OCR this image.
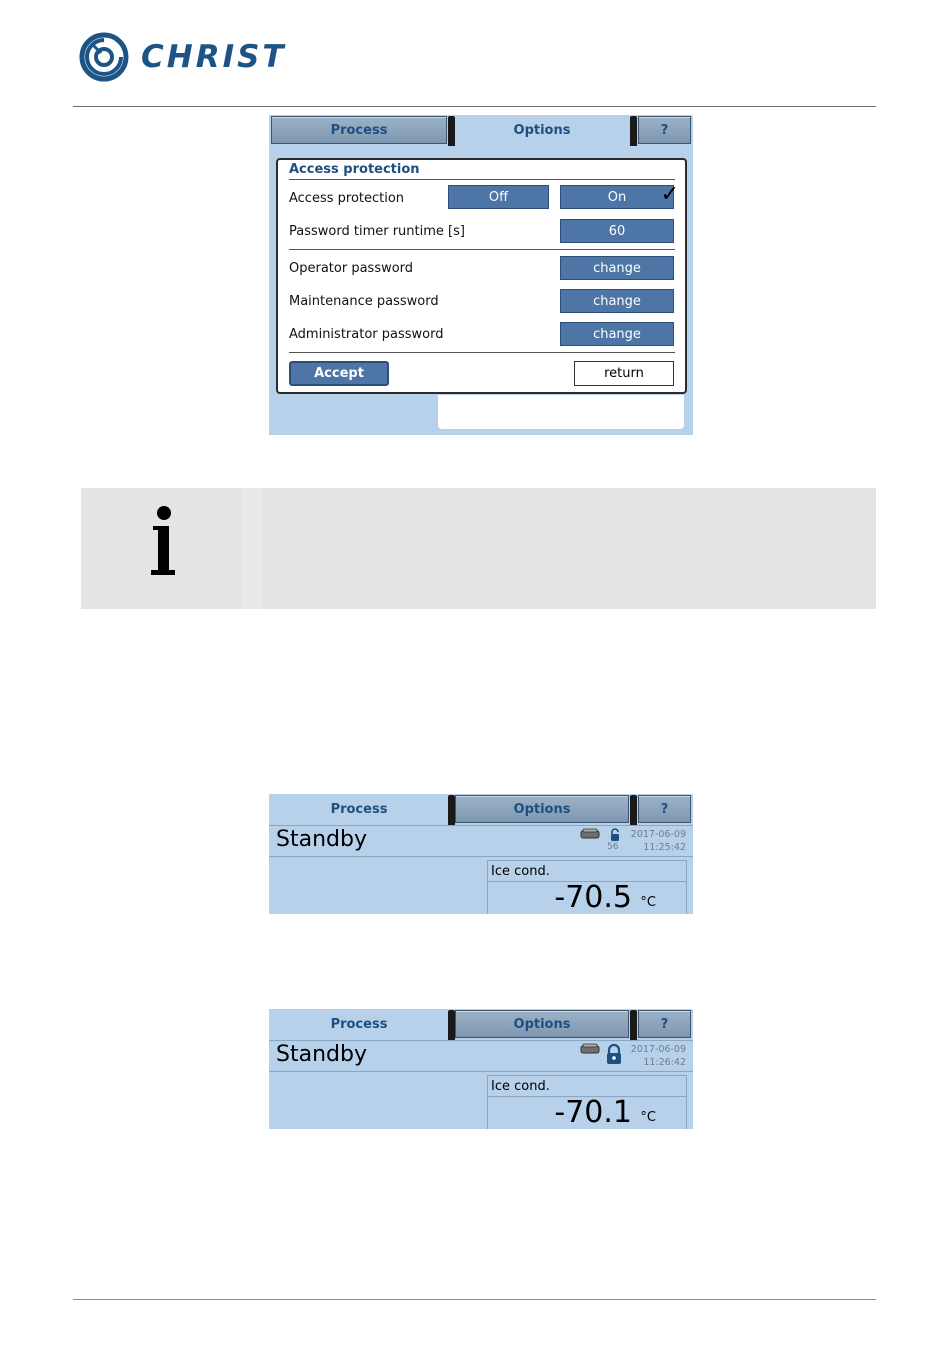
CHRIST
Process	Options	?
Access protection
Access protection	Off	On ✓
Password timer runtime [s]	60
Operator password	change
Maintenance password	change
Administrator password	change
Accept	return
Process	Options	?
Standby	56
2017-06-09
11:25:42
Ice cond.
-70.5 °C
Process	Options	?
Standby	2017-06-09
11:26:42
Ice cond.
-70.1 °C
